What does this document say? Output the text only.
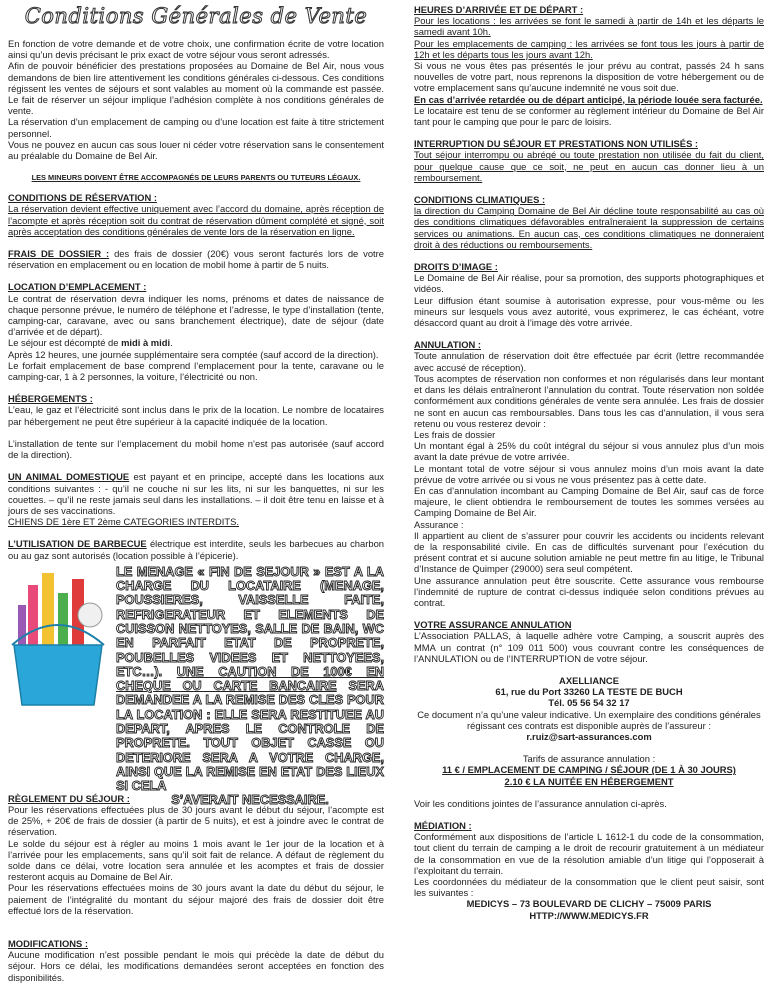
Conditions Générales de Vente

En fonction de votre demande et de votre choix, une confirmation écrite de votre location ainsi qu’un devis précisant le prix exact de votre séjour vous seront adressés.

Afin de pouvoir bénéficier des prestations proposées au Domaine de Bel Air, nous vous demandons de bien lire attentivement les conditions générales ci-dessous. Ces conditions régissent les ventes de séjours et sont valables au moment où la commande est passée. Le fait de réserver un séjour implique l’adhésion complète à nos conditions générales de vente.

La réservation d’un emplacement de camping ou d’une location est faite à titre strictement personnel.

Vous ne pouvez en aucun cas sous louer ni céder votre réservation sans le consentement au préalable du Domaine de Bel Air.

LES MINEURS DOIVENT ÊTRE ACCOMPAGNÉS DE LEURS PARENTS OU TUTEURS LÉGAUX.

CONDITIONS DE RÉSERVATION :

La réservation devient effective uniquement avec l’accord du domaine, après réception de l’acompte et après réception soit du contrat de réservation dûment complété et signé, soit après acceptation des conditions générales de vente lors de la réservation en ligne.

FRAIS DE DOSSIER : des frais de dossier (20€) vous seront facturés lors de votre réservation en emplacement ou en location de mobil home à partir de 5 nuits.

LOCATION D’EMPLACEMENT :

Le contrat de réservation devra indiquer les noms, prénoms et dates de naissance de chaque personne prévue, le numéro de téléphone et l’adresse, le type d’installation (tente, camping-car, caravane, avec ou sans branchement électrique), date de séjour (date d’arrivée et de départ).

Le séjour est décompté de midi à midi.

Après 12 heures, une journée supplémentaire sera comptée (sauf accord de la direction).

Le forfait emplacement de base comprend l’emplacement pour la tente, caravane ou le camping-car, 1 à 2 personnes, la voiture, l’électricité ou non.

HÉBERGEMENTS :

L’eau, le gaz et l’électricité sont inclus dans le prix de la location. Le nombre de locataires par hébergement ne peut être supérieur à la capacité indiquée de la location.

L’installation de tente sur l’emplacement du mobil home n’est pas autorisée (sauf accord de la direction).

UN ANIMAL DOMESTIQUE est payant et en principe, accepté dans les locations aux conditions suivantes : - qu’il ne couche ni sur les lits, ni sur les banquettes, ni sur les couettes. – qu’il ne reste jamais seul dans les installations. – il doit être tenu en laisse et à jours de ses vaccinations.

CHIENS DE 1ère ET 2ème CATEGORIES INTERDITS.

L’UTILISATION DE BARBECUE électrique est interdite, seuls les barbecues au charbon ou au gaz sont autorisés (location possible à l’épicerie).

LE MENAGE « FIN DE SEJOUR » EST A LA CHARGE DU LOCATAIRE (MENAGE, POUSSIERES, VAISSELLE FAITE, REFRIGERATEUR ET ELEMENTS DE CUISSON NETTOYES, SALLE DE BAIN, WC EN PARFAIT ETAT DE PROPRETE, POUBELLES VIDEES ET NETTOYEES, ETC…). UNE CAUTION DE 100€ EN CHEQUE OU CARTE BANCAIRE SERA DEMANDEE A LA REMISE DES CLES POUR LA LOCATION : ELLE SERA RESTITUEE AU DEPART, APRES LE CONTROLE DE PROPRETE. TOUT OBJET CASSE OU DETERIORE SERA A VOTRE CHARGE, AINSI QUE LA REMISE EN ETAT DES LIEUX SI CELA
S’AVERAIT NECESSAIRE.

RÈGLEMENT DU SÉJOUR :

Pour les réservations effectuées plus de 30 jours avant le début du séjour, l’acompte est de 25%, + 20€ de frais de dossier (à partir de 5 nuits), et est à joindre avec le contrat de réservation.

Le solde du séjour est à régler au moins 1 mois avant le 1er jour de la location et à l’arrivée pour les emplacements, sans qu’il soit fait de relance. A défaut de règlement du solde dans ce délai, votre location sera annulée et les acomptes et frais de dossier resteront acquis au Domaine de Bel Air.

Pour les réservations effectuées moins de 30 jours avant la date du début du séjour, le paiement de l’intégralité du montant du séjour majoré des frais de dossier doit être effectué lors de la réservation.

MODIFICATIONS :

Aucune modification n’est possible pendant le mois qui précède la date de début du séjour. Hors ce délai, les modifications demandées seront acceptées en fonction des disponibilités.

HEURES D’ARRIVÉE ET DE DÉPART :

Pour les locations : les arrivées se font le samedi à partir de 14h et les départs le samedi avant 10h.

Pour les emplacements de camping : les arrivées se font tous les jours à partir de 12h et les départs tous les jours avant 12h.

Si vous ne vous êtes pas présentés le jour prévu au contrat, passés 24 h sans nouvelles de votre part, nous reprenons la disposition de votre hébergement ou de votre emplacement sans qu’aucune indemnité ne vous soit due.

En cas d’arrivée retardée ou de départ anticipé, la période louée sera facturée.

Le locataire est tenu de se conformer au règlement intérieur du Domaine de Bel Air tant pour le camping que pour le parc de loisirs.

INTERRUPTION DU SÉJOUR ET PRESTATIONS NON UTILISÉS :

Tout séjour interrompu ou abrégé ou toute prestation non utilisée du fait du client, pour quelque cause que ce soit, ne peut en aucun cas donner lieu à un remboursement.

CONDITIONS CLIMATIQUES :

la direction du Camping Domaine de Bel Air décline toute responsabilité au cas où des conditions climatiques défavorables entraîneraient la suppression de certains services ou animations. En aucun cas, ces conditions climatiques ne donneraient droit à des réductions ou remboursements.

DROITS D’IMAGE :

Le Domaine de Bel Air réalise, pour sa promotion, des supports photographiques et vidéos.

Leur diffusion étant soumise à autorisation expresse, pour vous-même ou les mineurs sur lesquels vous avez autorité, vous exprimerez, le cas échéant, votre désaccord quant au droit à l’image dès votre arrivée.

ANNULATION :

Toute annulation de réservation doit être effectuée par écrit (lettre recommandée avec accusé de réception).

Tous acomptes de réservation non conformes et non régularisés dans leur montant et dans les délais entraîneront l’annulation du contrat. Toute réservation non soldée conformément aux conditions générales de vente sera annulée. Les frais de dossier ne sont en aucun cas remboursables. Dans tous les cas d’annulation, il vous sera retenu ou vous resterez devoir :

Les frais de dossier

Un montant égal à 25% du coût intégral du séjour si vous annulez plus d’un mois avant la date prévue de votre arrivée.

Le montant total de votre séjour si vous annulez moins d’un mois avant la date prévue de votre arrivée ou si vous ne vous présentez pas à cette date.

En cas d’annulation incombant au Camping Domaine de Bel Air, sauf cas de force majeure, le client obtiendra le remboursement de toutes les sommes versées au Camping Domaine de Bel Air.

Assurance :

Il appartient au client de s’assurer pour couvrir les accidents ou incidents relevant de la responsabilité civile. En cas de difficultés survenant pour l’exécution du présent contrat et si aucune solution amiable ne peut mettre fin au litige, le Tribunal d’Instance de Quimper (29000) sera seul compétent.

Une assurance annulation peut être souscrite. Cette assurance vous rembourse l’indemnité de rupture de contrat ci-dessus indiquée selon conditions prévues au contrat.

VOTRE ASSURANCE ANNULATION

L’Association PALLAS, à laquelle adhère votre Camping, a souscrit auprès des MMA un contrat (n° 109 011 500) vous couvrant contre les conséquences de l’ANNULATION ou de l’INTERRUPTION de votre séjour.

AXELLIANCE

61, rue du Port 33260 LA TESTE DE BUCH

Tél. 05 56 54 32 17

Ce document n’a qu’une valeur indicative. Un exemplaire des conditions générales régissant ces contrats est disponible auprès de l’assureur :

r.ruiz@sart-assurances.com

Tarifs de assurance annulation :

11 € / EMPLACEMENT DE CAMPING / SÉJOUR (DE 1 À 30 JOURS)

2.10 € LA NUITÉE EN HÉBERGEMENT

Voir les conditions jointes de l’assurance annulation ci-après.

MÉDIATION :

Conformément aux dispositions de l’article L 1612-1 du code de la consommation, tout client du terrain de camping a le droit de recourir gratuitement à un médiateur de la consommation en vue de la résolution amiable d’un litige qui l’opposerait à l’exploitant du terrain.

Les coordonnées du médiateur de la consommation que le client peut saisir, sont les suivantes :

MEDICYS – 73 BOULEVARD DE CLICHY – 75009 PARIS

HTTP://WWW.MEDICYS.FR
